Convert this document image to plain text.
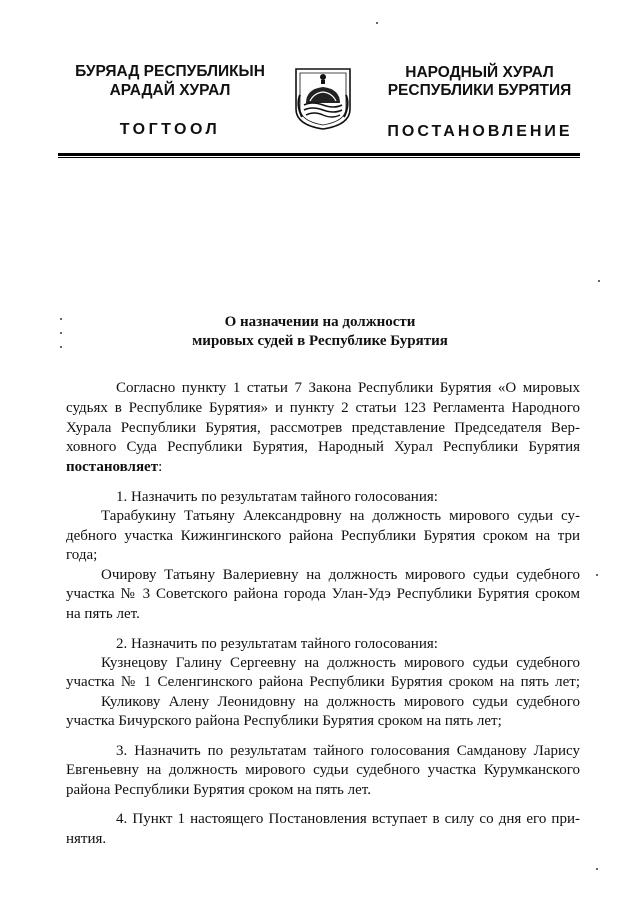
БУРЯАД РЕСПУБЛИКЫН
АРАДАЙ ХУРАЛ
ТОГТООЛ
НАРОДНЫЙ ХУРАЛ
РЕСПУБЛИКИ БУРЯТИЯ
ПОСТАНОВЛЕНИЕ
О назначении на должности
мировых судей в Республике Бурятия
Согласно пункту 1 статьи 7 Закона Республики Бурятия «О мировых
судьях в Республике Бурятия» и пункту 2 статьи 123 Регламента Народного
Хурала Республики Бурятия, рассмотрев представление Председателя Вер-
ховного Суда Республики Бурятия, Народный Хурал Республики Бурятия
постановляет:
1. Назначить по результатам тайного голосования:
Тарабукину Татьяну Александровну на должность мирового судьи су-
дебного участка Кижингинского района Республики Бурятия сроком на три
года;
Очирову Татьяну Валериевну на должность мирового судьи судебного
участка № 3 Советского района города Улан-Удэ Республики Бурятия сроком
на пять лет.
2. Назначить по результатам тайного голосования:
Кузнецову Галину Сергеевну на должность мирового судьи судебного
участка № 1 Селенгинского района Республики Бурятия сроком на пять лет;
Куликову Алену Леонидовну на должность мирового судьи судебного
участка Бичурского района Республики Бурятия сроком на пять лет;
3. Назначить по результатам тайного голосования Самданову Ларису
Евгеньевну на должность мирового судьи судебного участка Курумканского
района Республики Бурятия сроком на пять лет.
4. Пункт 1 настоящего Постановления вступает в силу со дня его при-
нятия.
